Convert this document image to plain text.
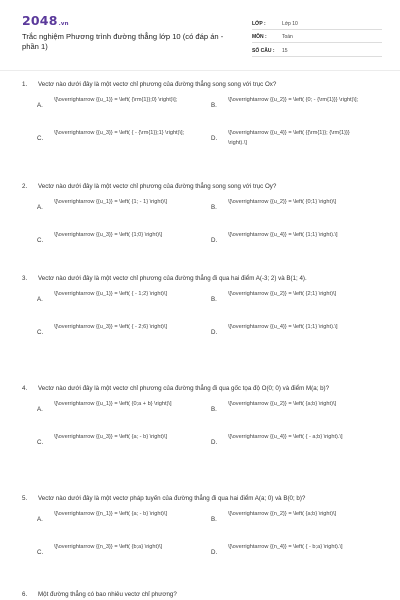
2048.vn
Trắc nghiệm Phương trình đường thẳng lớp 10 (có đáp án - phần 1)
LỚP :	Lớp 10
MÔN :	Toán
SỐ CÂU :	15
1. Vectơ nào dưới đây là một vectơ chỉ phương của đường thẳng song song với trục Ox?
A.
\[\overrightarrow {{u_1}} = \left( {\rm{1}};0} \right)\];
B.
\[\overrightarrow {{u_2}} = \left( {0; - {\rm{1}}} \right)\];
C.
\[\overrightarrow {{u_3}} = \left( { - {\rm{1}};1} \right)\];
D.
\[\overrightarrow {{u_4}} = \left( {{\rm{1}}; {\rm{1}}} \right).\]
2. Vectơ nào dưới đây là một vectơ chỉ phương của đường thẳng song song với trục Oy?
A.
\[\overrightarrow {{u_1}} = \left( {1; - 1} \right)\]
B.
\[\overrightarrow {{u_2}} = \left( {0;1} \right)\]
C.
\[\overrightarrow {{u_3}} = \left( {1;0} \right)\]
D.
\[\overrightarrow {{u_4}} = \left( {1;1} \right).\]
3. Vectơ nào dưới đây là một vectơ chỉ phương của đường thẳng đi qua hai điểm A(-3; 2) và B(1; 4).
A.
\[\overrightarrow {{u_1}} = \left( { - 1;2} \right)\]
B.
\[\overrightarrow {{u_2}} = \left( {2;1} \right)\]
C.
\[\overrightarrow {{u_3}} = \left( { - 2;6} \right)\]
D.
\[\overrightarrow {{u_4}} = \left( {1;1} \right).\]
4. Vectơ nào dưới đây là một vectơ chỉ phương của đường thẳng đi qua gốc tọa độ O(0; 0) và điểm M(a; b)?
A.
\[\overrightarrow {{u_1}} = \left( {0;a + b} \right)\]
B.
\[\overrightarrow {{u_2}} = \left( {a;b} \right)\]
C.
\[\overrightarrow {{u_3}} = \left( {a; - b} \right)\]
D.
\[\overrightarrow {{u_4}} = \left( { - a;b} \right).\]
5. Vectơ nào dưới đây là một vectơ pháp tuyến của đường thẳng đi qua hai điểm A(a; 0) và B(0; b)?
A.
\[\overrightarrow {{n_1}} = \left( {a; - b} \right)\]
B.
\[\overrightarrow {{n_2}} = \left( {a;b} \right)\]
C.
\[\overrightarrow {{n_3}} = \left( {b;a} \right)\]
D.
\[\overrightarrow {{n_4}} = \left( { - b;a} \right).\]
6. Một đường thẳng có bao nhiêu vectơ chỉ phương?
